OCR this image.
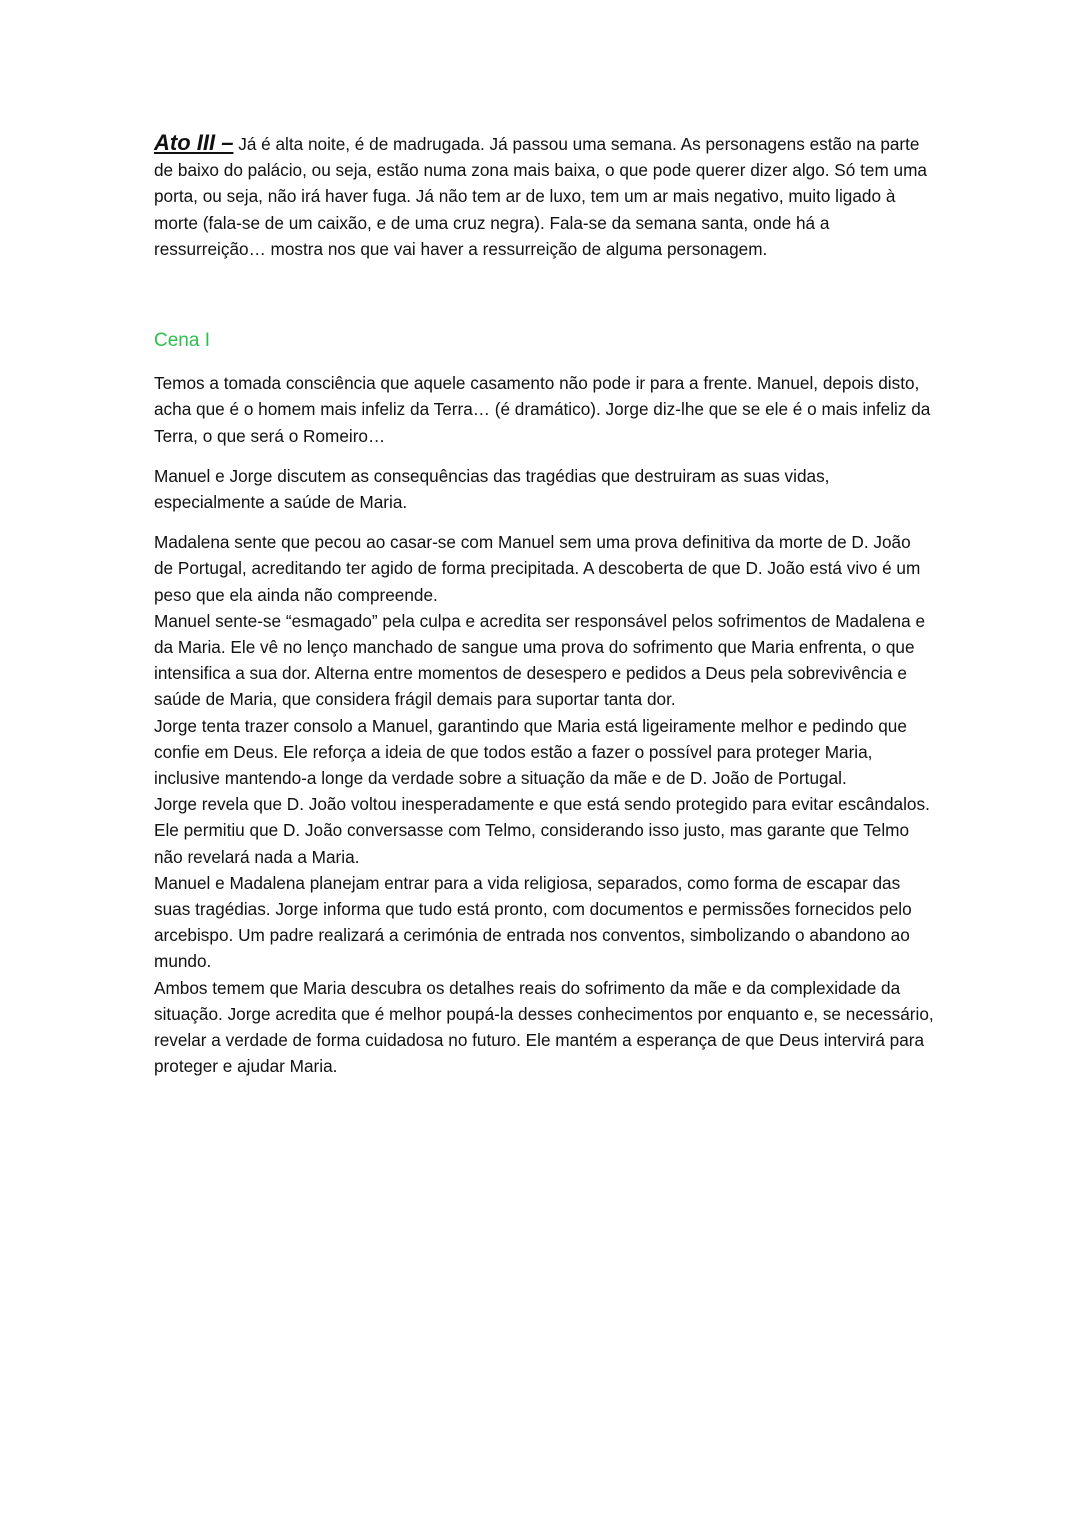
Ato III – Já é alta noite, é de madrugada. Já passou uma semana. As personagens estão na parte de baixo do palácio, ou seja, estão numa zona mais baixa, o que pode querer dizer algo. Só tem uma porta, ou seja, não irá haver fuga. Já não tem ar de luxo, tem um ar mais negativo, muito ligado à morte (fala-se de um caixão, e de uma cruz negra). Fala-se da semana santa, onde há a ressurreição… mostra nos que vai haver a ressurreição de alguma personagem.

Cena I

Temos a tomada consciência que aquele casamento não pode ir para a frente. Manuel, depois disto, acha que é o homem mais infeliz da Terra… (é dramático). Jorge diz-lhe que se ele é o mais infeliz da Terra, o que será o Romeiro…

Manuel e Jorge discutem as consequências das tragédias que destruiram as suas vidas, especialmente a saúde de Maria.

Madalena sente que pecou ao casar-se com Manuel sem uma prova definitiva da morte de D. João de Portugal, acreditando ter agido de forma precipitada. A descoberta de que D. João está vivo é um peso que ela ainda não compreende.

Manuel sente-se “esmagado” pela culpa e acredita ser responsável pelos sofrimentos de Madalena e da Maria. Ele vê no lenço manchado de sangue uma prova do sofrimento que Maria enfrenta, o que intensifica a sua dor. Alterna entre momentos de desespero e pedidos a Deus pela sobrevivência e saúde de Maria, que considera frágil demais para suportar tanta dor.

Jorge tenta trazer consolo a Manuel, garantindo que Maria está ligeiramente melhor e pedindo que confie em Deus. Ele reforça a ideia de que todos estão a fazer o possível para proteger Maria, inclusive mantendo-a longe da verdade sobre a situação da mãe e de D. João de Portugal.

Jorge revela que D. João voltou inesperadamente e que está sendo protegido para evitar escândalos. Ele permitiu que D. João conversasse com Telmo, considerando isso justo, mas garante que Telmo não revelará nada a Maria.

Manuel e Madalena planejam entrar para a vida religiosa, separados, como forma de escapar das suas tragédias. Jorge informa que tudo está pronto, com documentos e permissões fornecidos pelo arcebispo. Um padre realizará a cerimónia de entrada nos conventos, simbolizando o abandono ao mundo.

Ambos temem que Maria descubra os detalhes reais do sofrimento da mãe e da complexidade da situação. Jorge acredita que é melhor poupá-la desses conhecimentos por enquanto e, se necessário, revelar a verdade de forma cuidadosa no futuro. Ele mantém a esperança de que Deus intervirá para proteger e ajudar Maria.
